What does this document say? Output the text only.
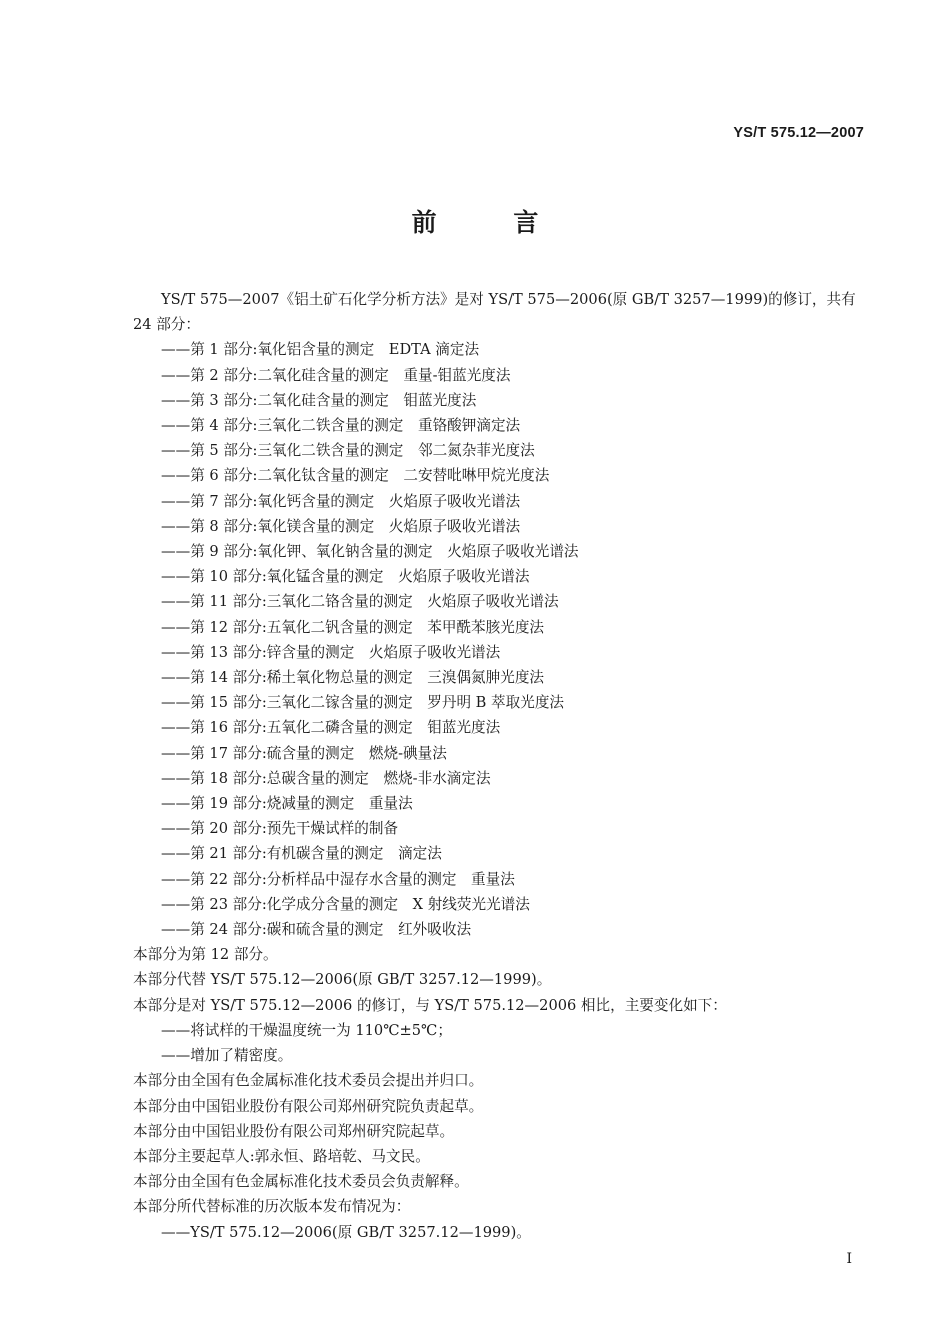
YS/T 575.12—2007
前 言

YS/T 575—2007《铝土矿石化学分析方法》是对 YS/T 575—2006(原 GB/T 3257—1999)的修订，共有 24 部分：

——第 1 部分:氧化铝含量的测定　EDTA 滴定法

——第 2 部分:二氧化硅含量的测定　重量-钼蓝光度法

——第 3 部分:二氧化硅含量的测定　钼蓝光度法

——第 4 部分:三氧化二铁含量的测定　重铬酸钾滴定法

——第 5 部分:三氧化二铁含量的测定　邻二氮杂菲光度法

——第 6 部分:二氧化钛含量的测定　二安替吡啉甲烷光度法

——第 7 部分:氧化钙含量的测定　火焰原子吸收光谱法

——第 8 部分:氧化镁含量的测定　火焰原子吸收光谱法

——第 9 部分:氧化钾、氧化钠含量的测定　火焰原子吸收光谱法

——第 10 部分:氧化锰含量的测定　火焰原子吸收光谱法

——第 11 部分:三氧化二铬含量的测定　火焰原子吸收光谱法

——第 12 部分:五氧化二钒含量的测定　苯甲酰苯胲光度法

——第 13 部分:锌含量的测定　火焰原子吸收光谱法

——第 14 部分:稀土氧化物总量的测定　三溴偶氮胂光度法

——第 15 部分:三氧化二镓含量的测定　罗丹明 B 萃取光度法

——第 16 部分:五氧化二磷含量的测定　钼蓝光度法

——第 17 部分:硫含量的测定　燃烧-碘量法

——第 18 部分:总碳含量的测定　燃烧-非水滴定法

——第 19 部分:烧减量的测定　重量法

——第 20 部分:预先干燥试样的制备

——第 21 部分:有机碳含量的测定　滴定法

——第 22 部分:分析样品中湿存水含量的测定　重量法

——第 23 部分:化学成分含量的测定　X 射线荧光光谱法

——第 24 部分:碳和硫含量的测定　红外吸收法

本部分为第 12 部分。

本部分代替 YS/T 575.12—2006(原 GB/T 3257.12—1999)。

本部分是对 YS/T 575.12—2006 的修订，与 YS/T 575.12—2006 相比，主要变化如下：

——将试样的干燥温度统一为 110℃±5℃；

——增加了精密度。

本部分由全国有色金属标准化技术委员会提出并归口。

本部分由中国铝业股份有限公司郑州研究院负责起草。

本部分由中国铝业股份有限公司郑州研究院起草。

本部分主要起草人:郭永恒、路培乾、马文民。

本部分由全国有色金属标准化技术委员会负责解释。

本部分所代替标准的历次版本发布情况为：

——YS/T 575.12—2006(原 GB/T 3257.12—1999)。

I
